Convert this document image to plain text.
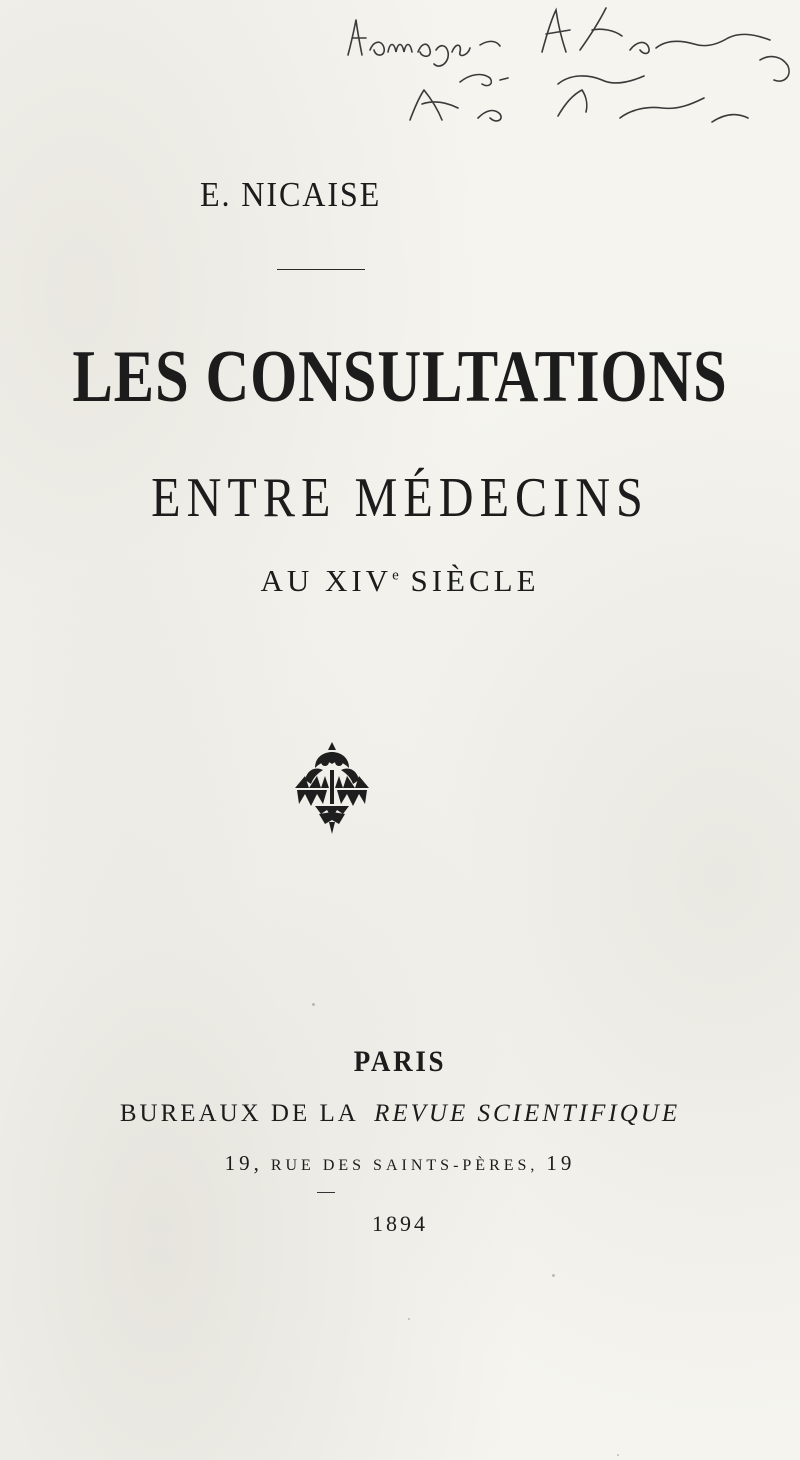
E. NICAISE
LES CONSULTATIONS
ENTRE MÉDECINS
AU XIVe SIÈCLE
PARIS
BUREAUX DE LA REVUE SCIENTIFIQUE
19, RUE DES SAINTS-PÈRES, 19
1894
